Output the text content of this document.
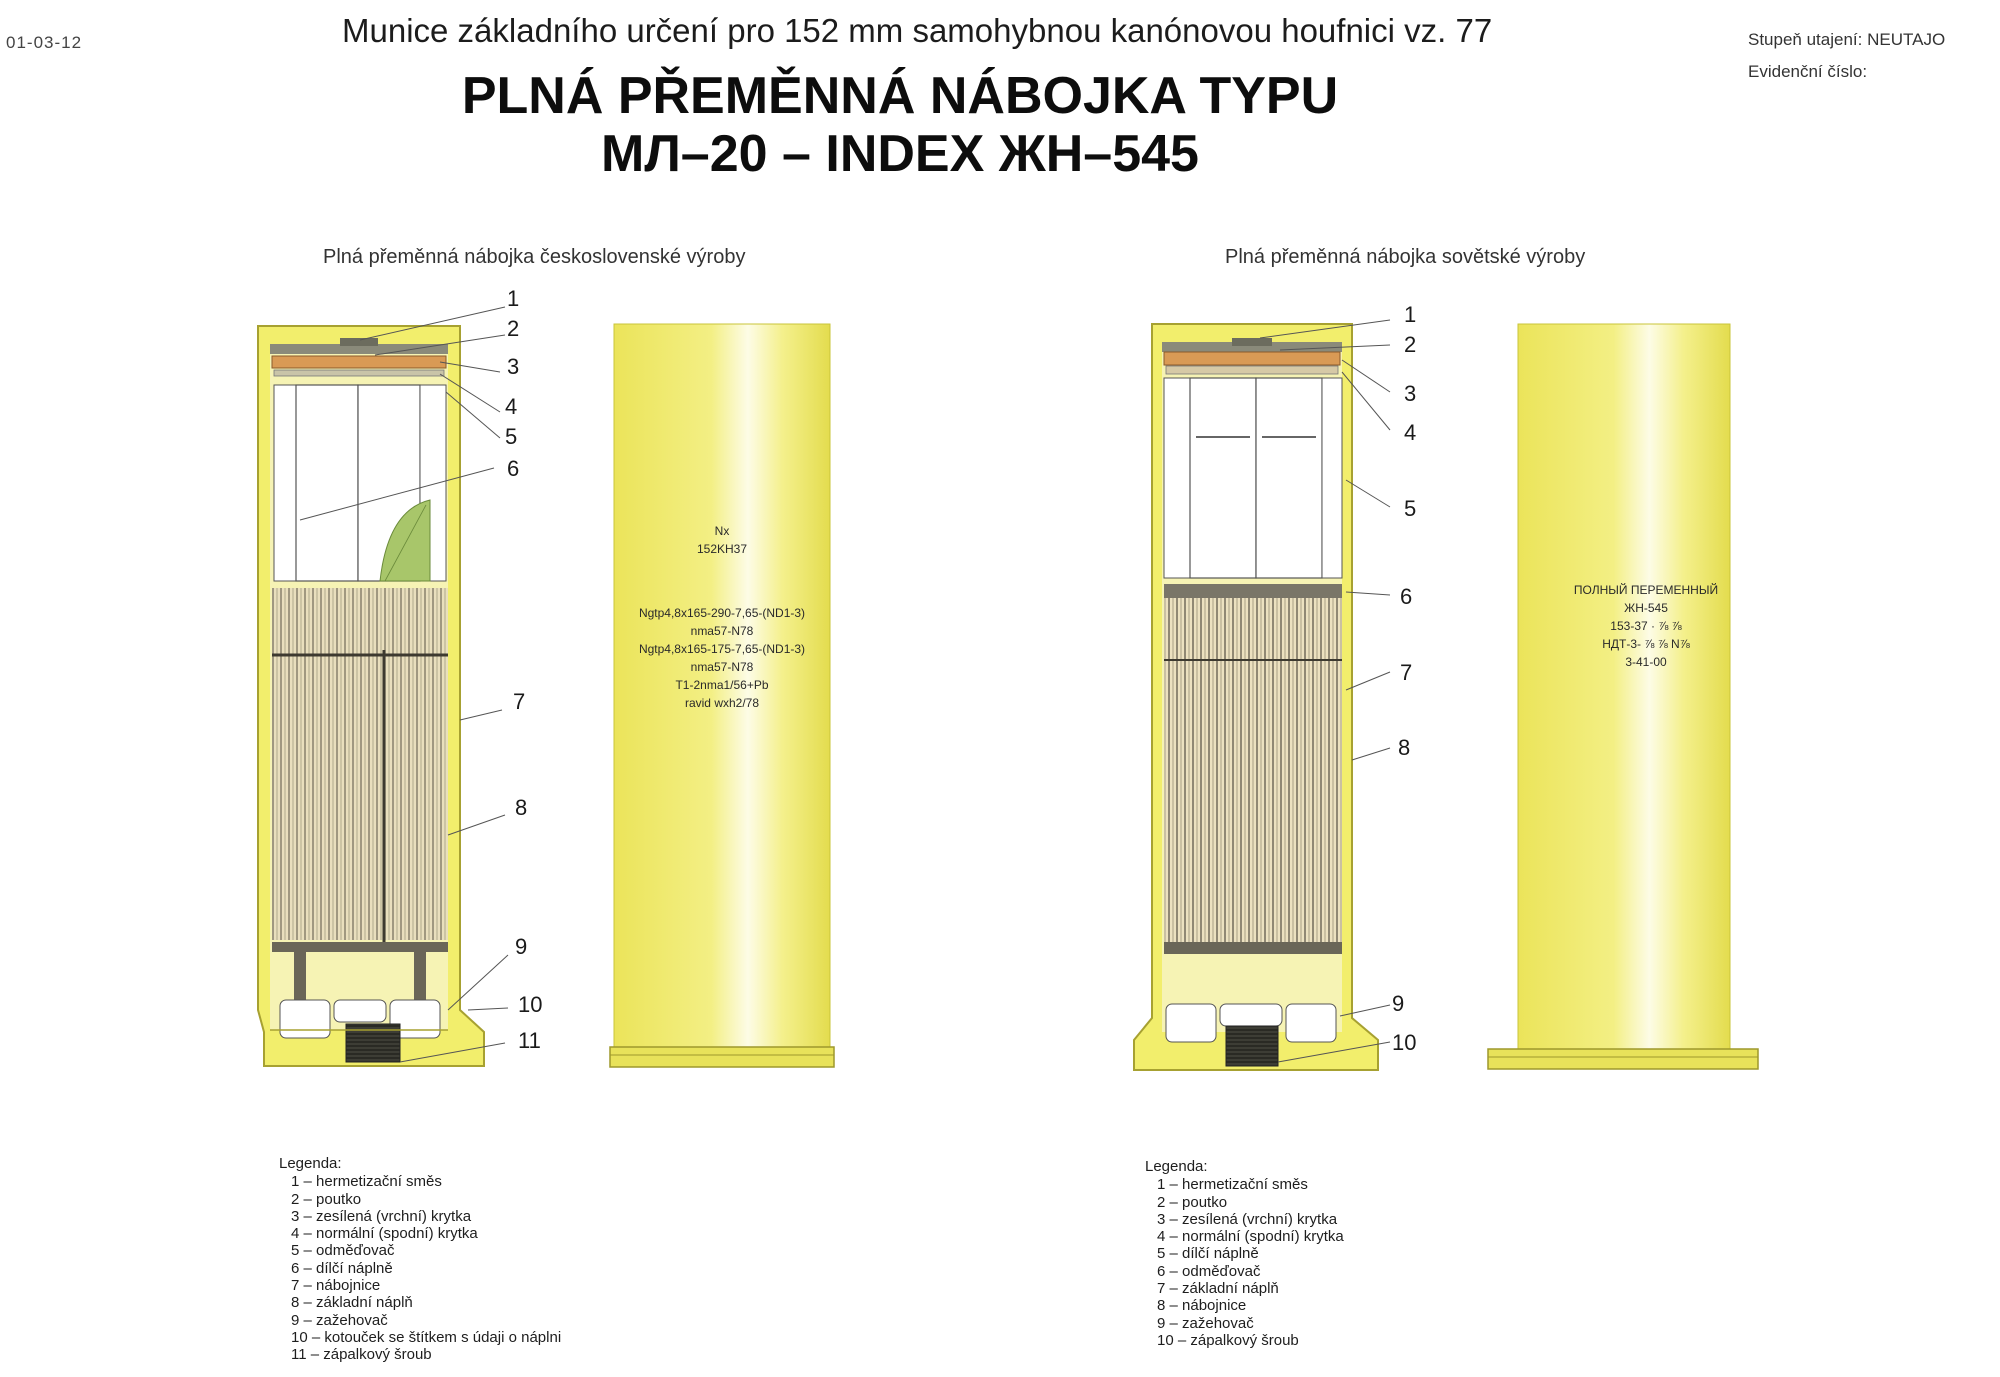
01-03-12	Munice základního určení pro 152 mm samohybnou kanónovou houfnici vz. 77
PLNÁ PŘEMĚNNÁ NÁBOJKA TYPU
МЛ–20 – INDEX ЖН–545
Stupeň utajení: NEUTAJO
Evidenční číslo:
Plná přeměnná nábojka československé výroby	Plná přeměnná nábojka sovětské výroby
1
2
3
4
5
6
7
8
9
10
11
Nx
152KH37
Ngtp4,8x165-290-7,65-(ND1-3)
nma57-N78
Ngtp4,8x165-175-7,65-(ND1-3)
nma57-N78
T1-2nma1/56+Pb
ravid wxh2/78
1
2
3
4
5
6
7
8
9
10
ПОЛНЫЙ ПЕРЕМЕННЫЙ
ЖН-545
153-37 · ⅞ ⅞
НДТ-3- ⅞ ⅞ N⅞
3-41-00
Legenda:
1 – hermetizační směs
2 – poutko
3 – zesílená (vrchní) krytka
4 – normální (spodní) krytka
5 – odměďovač
6 – dílčí náplně
7 – nábojnice
8 – základní náplň
9 – zažehovač
10 – kotouček se štítkem s údaji o náplni
11 – zápalkový šroub
Legenda:
1 – hermetizační směs
2 – poutko
3 – zesílená (vrchní) krytka
4 – normální (spodní) krytka
5 – dílčí náplně
6 – odměďovač
7 – základní náplň
8 – nábojnice
9 – zažehovač
10 – zápalkový šroub
